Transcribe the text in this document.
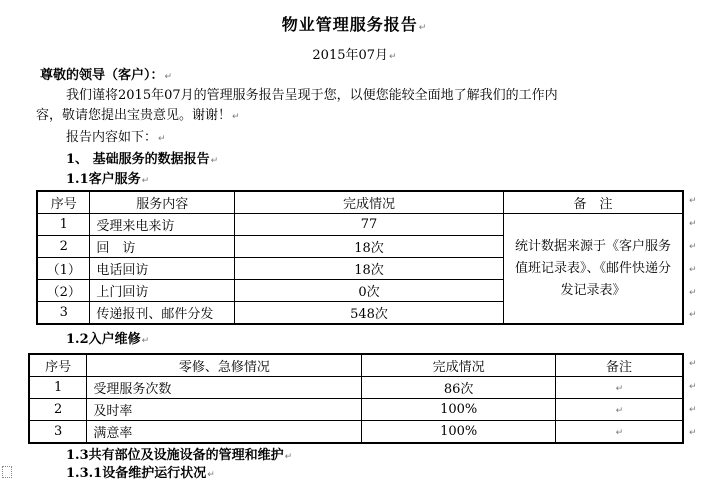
物业管理服务报告↵
2015年07月↵
尊敬的领导（客户）：↵
我们谨将2015年07月的管理服务报告呈现于您，以便您能较全面地了解我们的工作内
容，敬请您提出宝贵意见。谢谢！↵
报告内容如下：↵
1、 基础服务的数据报告↵
1.1客户服务↵
序号	服务内容	完成情况	备　注
1	受理来电来访	77	统计数据来源于《客户服务值班记录表》、《邮件快递分发记录表》
2	回　访	18次	
（1）	电话回访	18次	
（2）	上门回访	0次	
3	传递报刊、邮件分发	548次	
↵
↵
↵
↵
↵
↵
1.2入户维修↵
序号	零修、急修情况	完成情况	备注
1	受理服务次数	86次	↵
2	及时率	100%	↵
3	满意率	100%	↵
↵
↵
↵
↵
1.3共有部位及设施设备的管理和维护↵
1.3.1设备维护运行状况↵
